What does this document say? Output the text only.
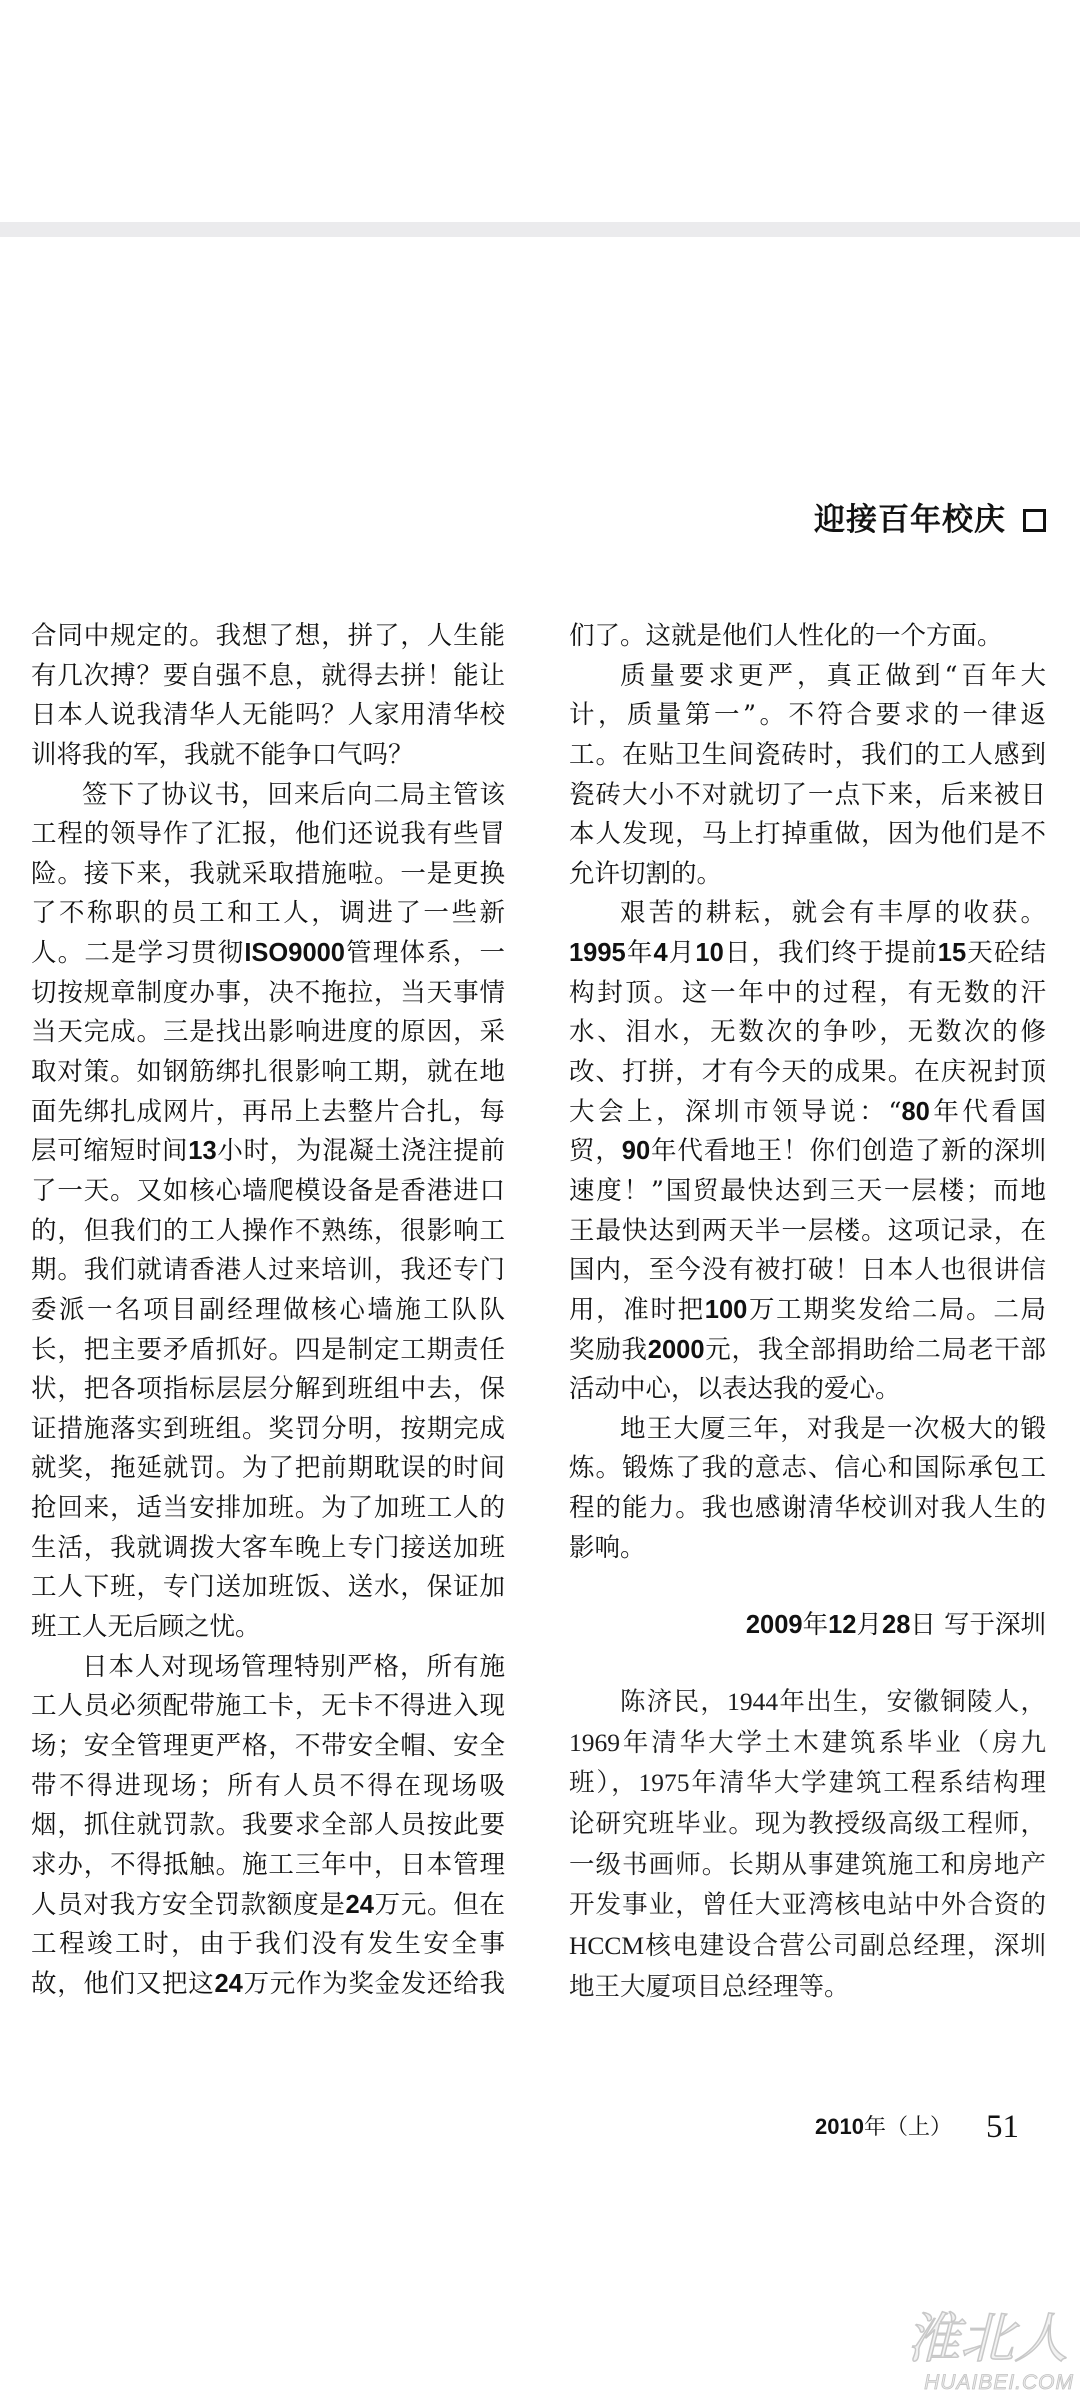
迎接百年校庆
合同中规定的。我想了想，拼了，人生能
有几次搏？要自强不息，就得去拼！能让
日本人说我清华人无能吗？人家用清华校
训将我的军，我就不能争口气吗？
签下了协议书，回来后向二局主管该
工程的领导作了汇报，他们还说我有些冒
险。接下来，我就采取措施啦。一是更换
了不称职的员工和工人，调进了一些新
人。二是学习贯彻ISO9000管理体系，一
切按规章制度办事，决不拖拉，当天事情
当天完成。三是找出影响进度的原因，采
取对策。如钢筋绑扎很影响工期，就在地
面先绑扎成网片，再吊上去整片合扎，每
层可缩短时间13小时，为混凝土浇注提前
了一天。又如核心墙爬模设备是香港进口
的，但我们的工人操作不熟练，很影响工
期。我们就请香港人过来培训，我还专门
委派一名项目副经理做核心墙施工队队
长，把主要矛盾抓好。四是制定工期责任
状，把各项指标层层分解到班组中去，保
证措施落实到班组。奖罚分明，按期完成
就奖，拖延就罚。为了把前期耽误的时间
抢回来，适当安排加班。为了加班工人的
生活，我就调拨大客车晚上专门接送加班
工人下班，专门送加班饭、送水，保证加
班工人无后顾之忧。
日本人对现场管理特别严格，所有施
工人员必须配带施工卡，无卡不得进入现
场；安全管理更严格，不带安全帽、安全
带不得进现场；所有人员不得在现场吸
烟，抓住就罚款。我要求全部人员按此要
求办，不得抵触。施工三年中，日本管理
人员对我方安全罚款额度是24万元。但在
工程竣工时，由于我们没有发生安全事
故，他们又把这24万元作为奖金发还给我
们了。这就是他们人性化的一个方面。
质量要求更严，真正做到“百年大
计，质量第一”。不符合要求的一律返
工。在贴卫生间瓷砖时，我们的工人感到
瓷砖大小不对就切了一点下来，后来被日
本人发现，马上打掉重做，因为他们是不
允许切割的。
艰苦的耕耘，就会有丰厚的收获。
1995年4月10日，我们终于提前15天砼结
构封顶。这一年中的过程，有无数的汗
水、泪水，无数次的争吵，无数次的修
改、打拼，才有今天的成果。在庆祝封顶
大会上，深圳市领导说：“80年代看国
贸，90年代看地王！你们创造了新的深圳
速度！”国贸最快达到三天一层楼；而地
王最快达到两天半一层楼。这项记录，在
国内，至今没有被打破！日本人也很讲信
用，准时把100万工期奖发给二局。二局
奖励我2000元，我全部捐助给二局老干部
活动中心，以表达我的爱心。
地王大厦三年，对我是一次极大的锻
炼。锻炼了我的意志、信心和国际承包工
程的能力。我也感谢清华校训对我人生的
影响。
2009年12月28日 写于深圳
陈济民，1944年出生，安徽铜陵人，
1969年清华大学土木建筑系毕业（房九
班），1975年清华大学建筑工程系结构理
论研究班毕业。现为教授级高级工程师，
一级书画师。长期从事建筑施工和房地产
开发事业，曾任大亚湾核电站中外合资的
HCCM核电建设合营公司副总经理，深圳
地王大厦项目总经理等。
2010年（上） 51
淮北人
HUAIBEI.COM
